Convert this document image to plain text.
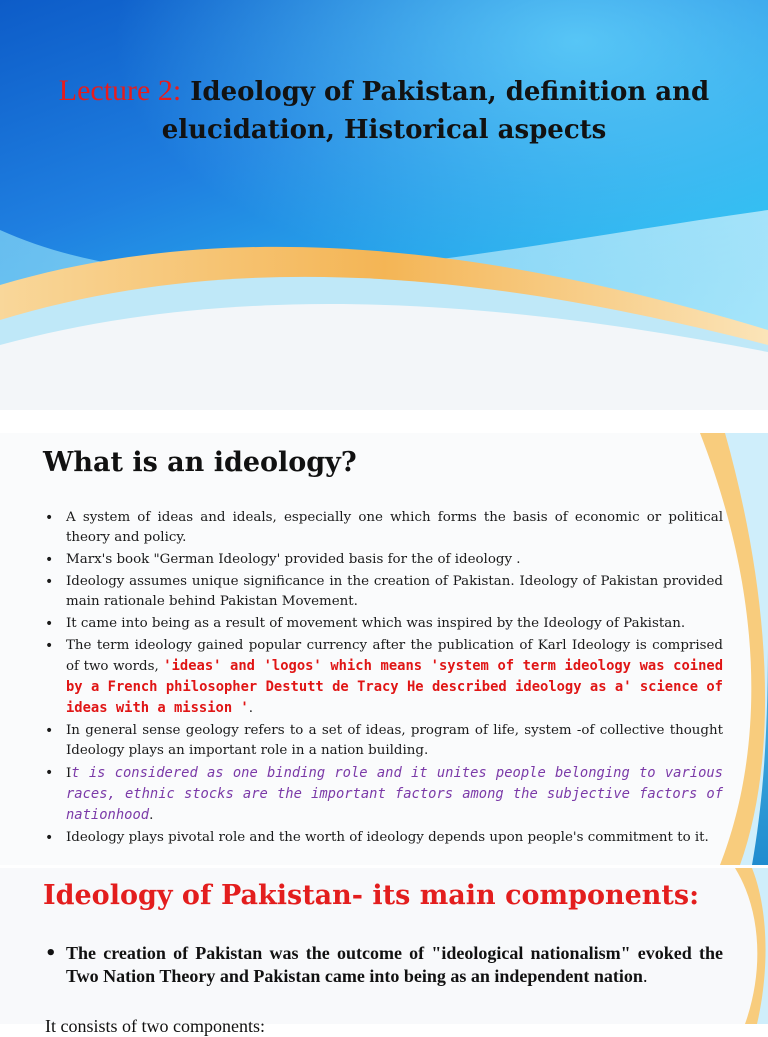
Lecture 2: Ideology of Pakistan, definition and elucidation, Historical aspects
What is an ideology?
• A system of ideas and ideals, especially one which forms the basis of economic or political theory and policy.
• Marx's book "German Ideology' provided basis for the of ideology .
• Ideology assumes unique significance in the creation of Pakistan. Ideology of Pakistan provided main rationale behind Pakistan Movement.
• It came into being as a result of movement which was inspired by the Ideology of Pakistan.
• The term ideology gained popular currency after the publication of Karl Ideology is comprised of two words, 'ideas' and 'logos' which means 'system of term ideology was coined by a French philosopher Destutt de Tracy He described ideology as a' science of ideas with a mission '.
• In general sense geology refers to a set of ideas, program of life, system -of collective thought Ideology plays an important role in a nation building.
• It is considered as one binding role and it unites people belonging to various races, ethnic stocks are the important factors among the subjective factors of nationhood.
• Ideology plays pivotal role and the worth of ideology depends upon people's commitment to it.
Ideology of Pakistan- its main components:
• The creation of Pakistan was the outcome of "ideological nationalism" evoked the Two Nation Theory and Pakistan came into being as an independent nation.
It consists of two components:
